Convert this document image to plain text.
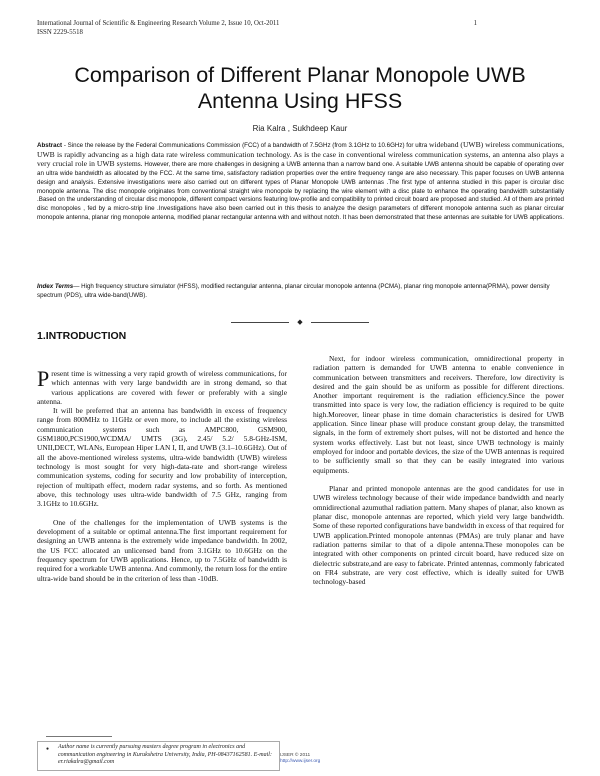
International Journal of Scientific & Engineering Research Volume 2, Issue 10, Oct-2011	1
ISSN 2229-5518
Comparison of Different Planar Monopole UWB
Antenna Using HFSS
Ria Kalra , Sukhdeep Kaur
Abstract - Since the release by the Federal Communications Commission (FCC) of a bandwidth of 7.5GHz (from 3.1GHz to 10.6GHz) for ultra wideband (UWB) wireless communications, UWB is rapidly advancing as a high data rate wireless communication technology. As is the case in conventional wireless communication systems, an antenna also plays a very crucial role in UWB systems. However, there are more challenges in designing a UWB antenna than a narrow band one. A suitable UWB antenna should be capable of operating over an ultra wide bandwidth as allocated by the FCC. At the same time, satisfactory radiation properties over the entire frequency range are also necessary. This paper focuses on UWB antenna design and analysis. Extensive investigations were also carried out on different types of Planar Monopole UWB antennas .The first type of antenna studied in this paper is circular disc monopole antenna. The disc monopole originates from conventional straight wire monopole by replacing the wire element with a disc plate to enhance the operating bandwidth substantially .Based on the understanding of circular disc monopole, different compact versions featuring low-profile and compatibility to printed circuit board are proposed and studied. All of them are printed disc monopoles , fed by a micro-strip line .Investigations have also been carried out in this thesis to analyze the design parameters of different monopole antenna such as planar circular monopole antenna, planar ring monopole antenna, modified planar rectangular antenna with and without notch. It has been demonstrated that these antennas are suitable for UWB applications.
Index Terms— High frequency structure simulator (HFSS), modified rectangular antenna, planar circular monopole antenna (PCMA), planar ring monopole antenna(PRMA), power density spectrum (PDS), ultra wide-band(UWB).
◆
1.INTRODUCTION

Present time is witnessing a very rapid growth of wireless communications, for which antennas with very large bandwidth are in strong demand, so that various applications are covered with fewer or preferably with a single antenna.

It will be preferred that an antenna has bandwidth in excess of frequency range from 800MHz to 11GHz or even more, to include all the existing wireless communication systems such as AMPC800, GSM900, GSM1800,PCS1900,WCDMA/ UMTS (3G), 2.45/ 5.2/ 5.8-GHz-ISM, UNII,DECT, WLANs, European Hiper LAN I, II, and UWB (3.1–10.6GHz). Out of all the above-mentioned wireless systems, ultra-wide bandwidth (UWB) wireless technology is most sought for very high-data-rate and short-range wireless communication systems, coding for security and low probability of interception, rejection of multipath effect, modern radar systems, and so forth. As mentioned above, this technology uses ultra-wide bandwidth of 7.5 GHz, ranging from 3.1GHz to 10.6GHz.

One of the challenges for the implementation of UWB systems is the development of a suitable or optimal antenna.The first important requirement for designing an UWB antenna is the extremely wide impedance bandwidth. In 2002, the US FCC allocated an unlicensed band from 3.1GHz to 10.6GHz on the frequency spectrum for UWB applications. Hence, up to 7.5GHz of bandwidth is required for a workable UWB antenna. And commonly, the return loss for the entire ultra-wide band should be in the criterion of less than -10dB.

Next, for indoor wireless communication, omnidirectional property in radiation pattern is demanded for UWB antenna to enable convenience in communication between transmitters and receivers. Therefore, low directivity is desired and the gain should be as uniform as possible for different directions. Another important requirement is the radiation efficiency.Since the power transmitted into space is very low, the radiation efficiency is required to be quite high.Moreover, linear phase in time domain characteristics is desired for UWB application. Since linear phase will produce constant group delay, the transmitted signals, in the form of extremely short pulses, will not be distorted and hence the system works effectively. Last but not least, since UWB technology is mainly employed for indoor and portable devices, the size of the UWB antennas is required to be sufficiently small so that they can be easily integrated into various equipments.

Planar and printed monopole antennas are the good candidates for use in UWB wireless technology because of their wide impedance bandwidth and nearly omnidirectional azumuthal radiation pattern. Many shapes of planar, also known as planar disc, monopole antennas are reported, which yield very large bandwidth. Some of these reported configurations have bandwidth in excess of that required for UWB application.Printed monopole antennas (PMAs) are truly planar and have radiation patterns similar to that of a dipole antenna.These monopoles can be integrated with other components on printed circuit board, have reduced size on dielectric substrate,and are easy to fabricate. Printed antennas, commonly fabricated on FR4 substrate, are very cost effective, which is ideally suited for UWB technology-based

● Author name is currently pursuing masters degree program in electronics and communication engineering in Kurukshetra University, India, PH-08437162581. E-mail: er.riakalra@gmail.com
IJSER © 2011
http://www.ijser.org
